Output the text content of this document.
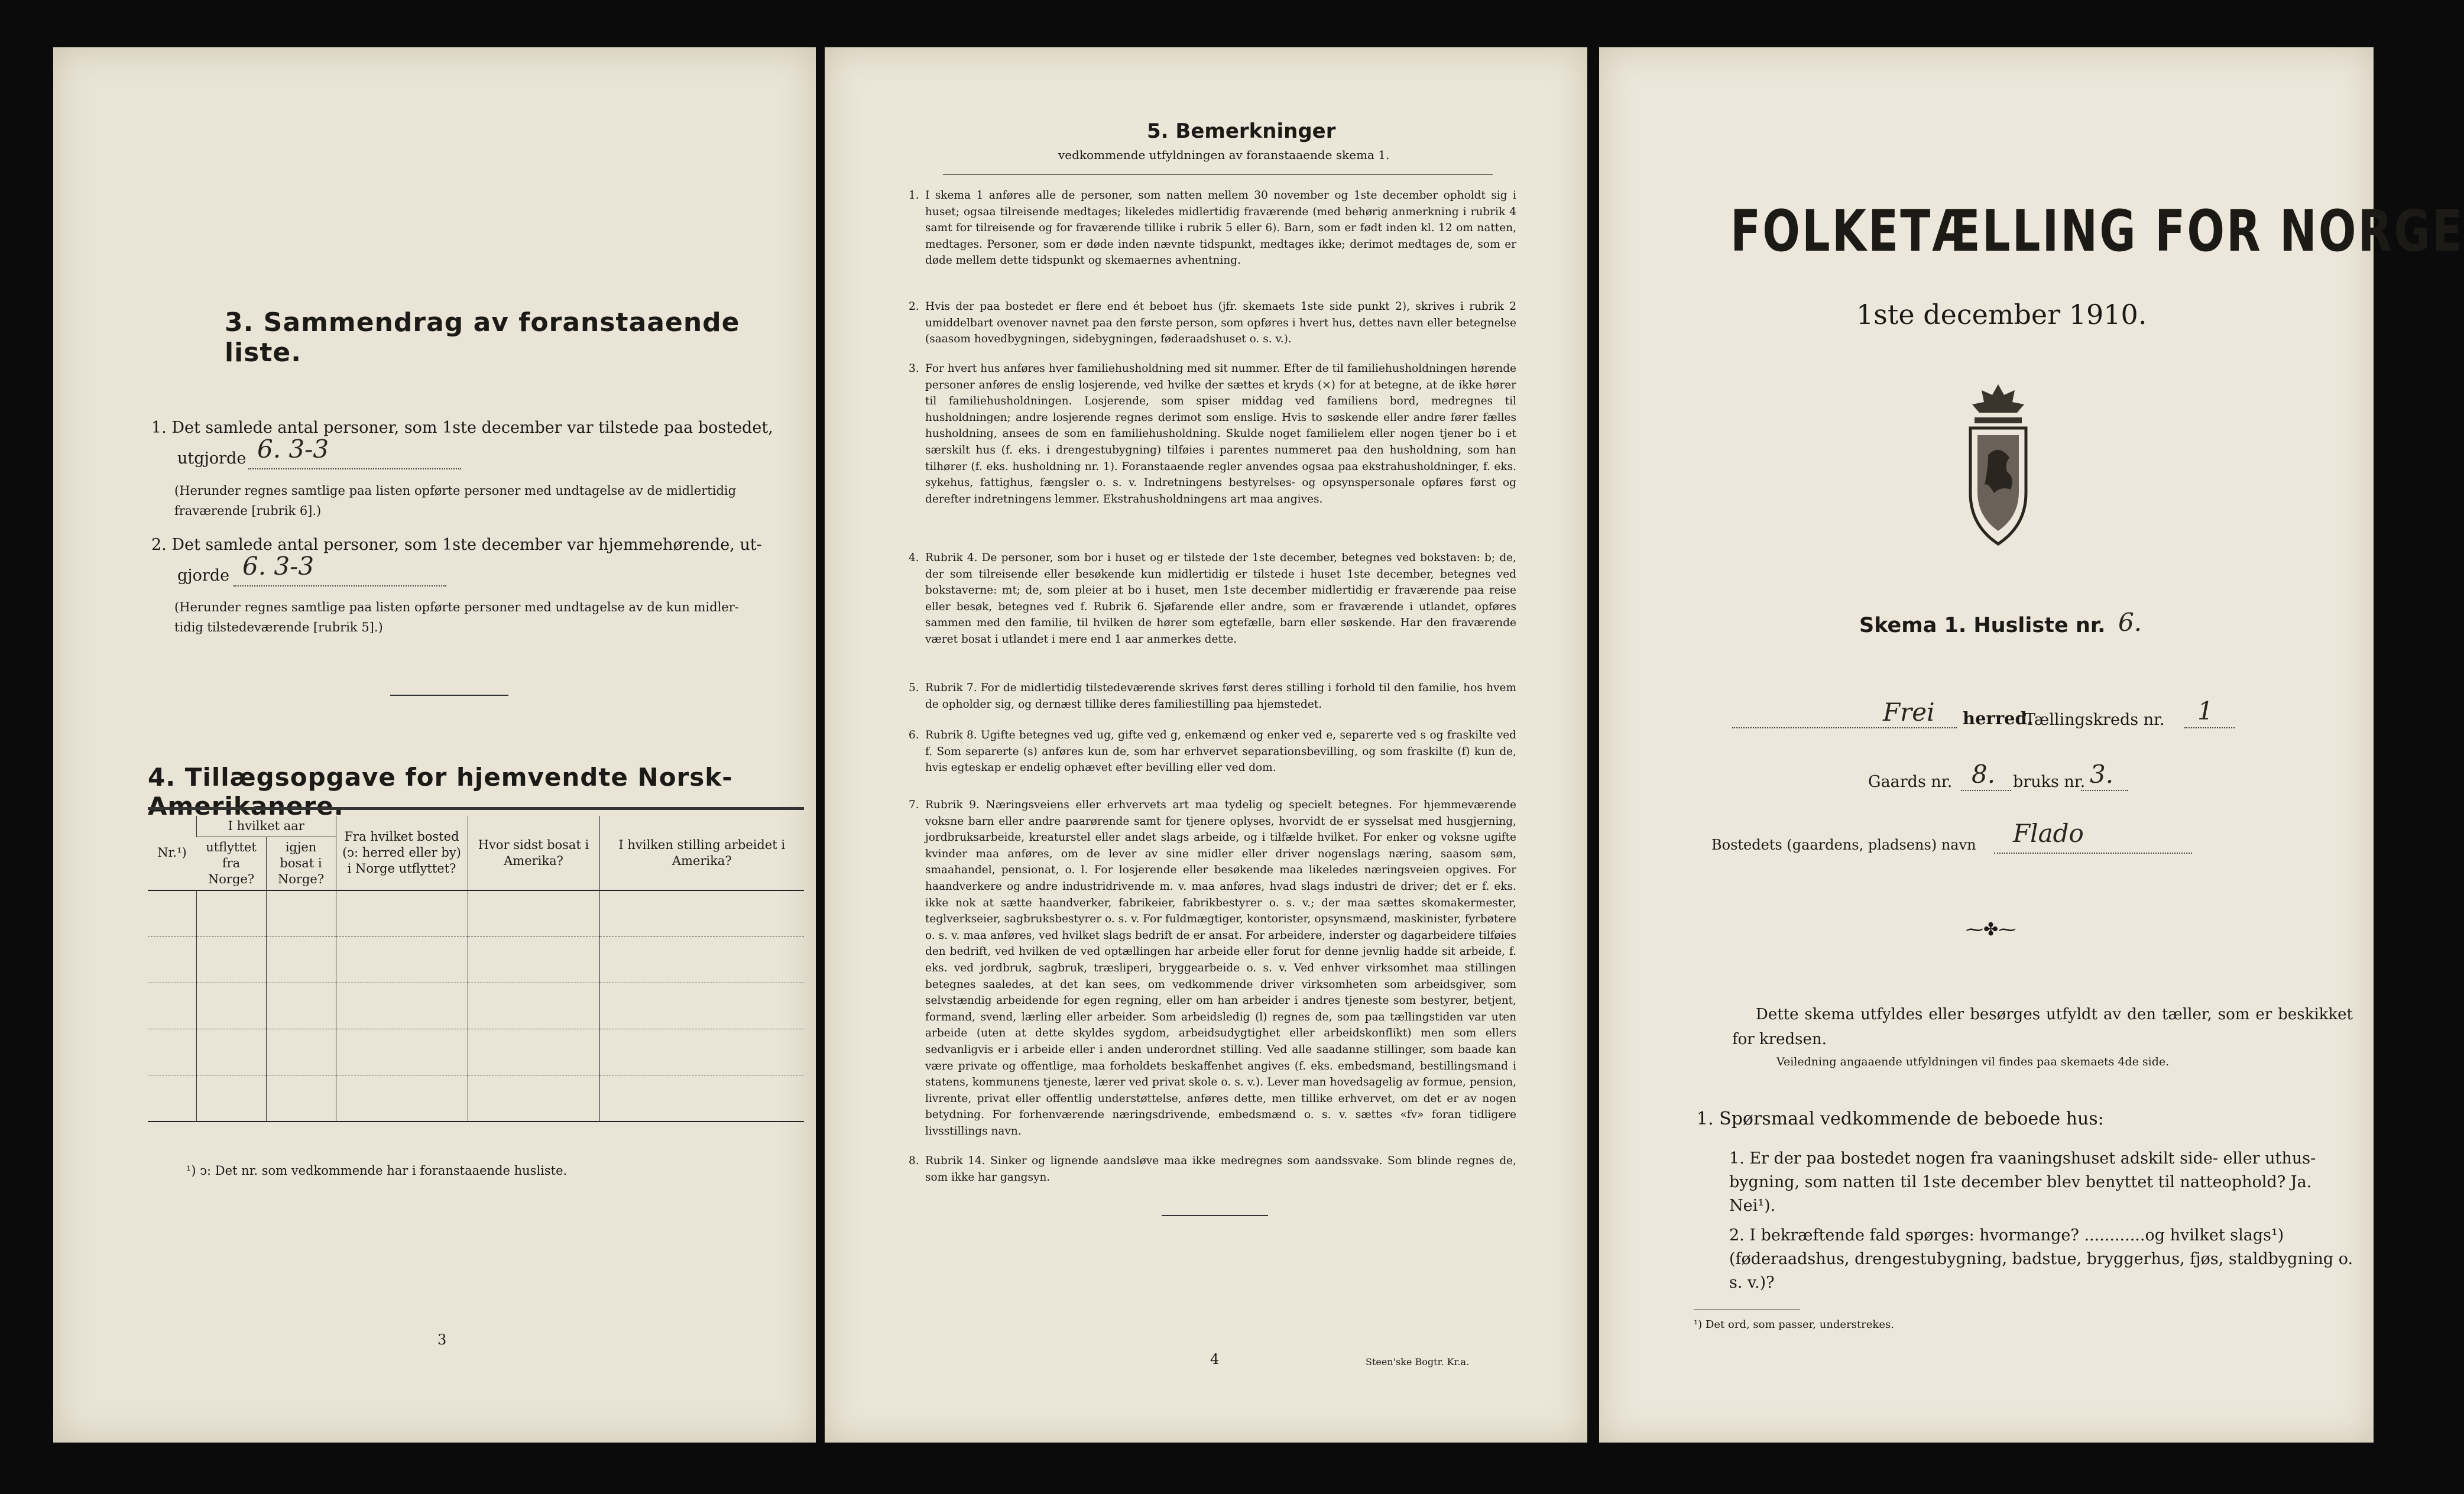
3. Sammendrag av foranstaaende liste.
1. Det samlede antal personer, som 1ste december var tilstede paa bostedet,
utgjorde 6. 3-3
(Herunder regnes samtlige paa listen opførte personer med undtagelse av de midlertidig
fraværende [rubrik 6].)
2. Det samlede antal personer, som 1ste december var hjemmehørende, ut-
gjorde 6. 3-3
(Herunder regnes samtlige paa listen opførte personer med undtagelse av de kun midler-
tidig tilstedeværende [rubrik 5].)
4. Tillægsopgave for hjemvendte Norsk-Amerikanere.
Nr.¹)	I hvilket aar		Fra hvilket bosted (ↄ: herred eller by) i Norge utflyttet?	Hvor sidst bosat i Amerika?	I hvilken stilling arbeidet i Amerika?
	utflyttet fra Norge?	igjen bosat i Norge?			

¹) ↄ: Det nr. som vedkommende har i foranstaaende husliste.
3
5. Bemerkninger
vedkommende utfyldningen av foranstaaende skema 1.
1. I skema 1 anføres alle de personer, som natten mellem 30 november og 1ste december opholdt sig i huset; ogsaa tilreisende medtages; likeledes midlertidig fraværende (med behørig anmerkning i rubrik 4 samt for tilreisende og for fraværende tillike i rubrik 5 eller 6). Barn, som er født inden kl. 12 om natten, medtages. Personer, som er døde inden nævnte tidspunkt, medtages ikke; derimot medtages de, som er døde mellem dette tidspunkt og skemaernes avhentning.
2. Hvis der paa bostedet er flere end ét beboet hus (jfr. skemaets 1ste side punkt 2), skrives i rubrik 2 umiddelbart ovenover navnet paa den første person, som opføres i hvert hus, dettes navn eller betegnelse (saasom hovedbygningen, sidebygningen, føderaadshuset o. s. v.).
3. For hvert hus anføres hver familiehusholdning med sit nummer. Efter de til familiehusholdningen hørende personer anføres de enslig losjerende, ved hvilke der sættes et kryds (×) for at betegne, at de ikke hører til familiehusholdningen. Losjerende, som spiser middag ved familiens bord, medregnes til husholdningen; andre losjerende regnes derimot som enslige. Hvis to søskende eller andre fører fælles husholdning, ansees de som en familiehusholdning. Skulde noget familielem eller nogen tjener bo i et særskilt hus (f. eks. i drengestubygning) tilføies i parentes nummeret paa den husholdning, som han tilhører (f. eks. husholdning nr. 1). Foranstaaende regler anvendes ogsaa paa ekstrahusholdninger, f. eks. sykehus, fattighus, fængsler o. s. v. Indretningens bestyrelses- og opsynspersonale opføres først og derefter indretningens lemmer. Ekstrahusholdningens art maa angives.
4. Rubrik 4. De personer, som bor i huset og er tilstede der 1ste december, betegnes ved bokstaven: b; de, der som tilreisende eller besøkende kun midlertidig er tilstede i huset 1ste december, betegnes ved bokstaverne: mt; de, som pleier at bo i huset, men 1ste december midlertidig er fraværende paa reise eller besøk, betegnes ved f. Rubrik 6. Sjøfarende eller andre, som er fraværende i utlandet, opføres sammen med den familie, til hvilken de hører som egtefælle, barn eller søskende. Har den fraværende været bosat i utlandet i mere end 1 aar anmerkes dette.
5. Rubrik 7. For de midlertidig tilstedeværende skrives først deres stilling i forhold til den familie, hos hvem de opholder sig, og dernæst tillike deres familiestilling paa hjemstedet.
6. Rubrik 8. Ugifte betegnes ved ug, gifte ved g, enkemænd og enker ved e, separerte ved s og fraskilte ved f. Som separerte (s) anføres kun de, som har erhvervet separationsbevilling, og som fraskilte (f) kun de, hvis egteskap er endelig ophævet efter bevilling eller ved dom.
7. Rubrik 9. Næringsveiens eller erhvervets art maa tydelig og specielt betegnes. For hjemmeværende voksne barn eller andre paarørende samt for tjenere oplyses, hvorvidt de er sysselsat med husgjerning, jordbruksarbeide, kreaturstel eller andet slags arbeide, og i tilfælde hvilket. For enker og voksne ugifte kvinder maa anføres, om de lever av sine midler eller driver nogenslags næring, saasom søm, smaahandel, pensionat, o. l. For losjerende eller besøkende maa likeledes næringsveien opgives. For haandverkere og andre industridrivende m. v. maa anføres, hvad slags industri de driver; det er f. eks. ikke nok at sætte haandverker, fabrikeier, fabrikbestyrer o. s. v.; der maa sættes skomakermester, teglverkseier, sagbruksbestyrer o. s. v. For fuldmægtiger, kontorister, opsynsmænd, maskinister, fyrbøtere o. s. v. maa anføres, ved hvilket slags bedrift de er ansat. For arbeidere, inderster og dagarbeidere tilføies den bedrift, ved hvilken de ved optællingen har arbeide eller forut for denne jevnlig hadde sit arbeide, f. eks. ved jordbruk, sagbruk, træsliperi, bryggearbeide o. s. v. Ved enhver virksomhet maa stillingen betegnes saaledes, at det kan sees, om vedkommende driver virksomheten som arbeidsgiver, som selvstændig arbeidende for egen regning, eller om han arbeider i andres tjeneste som bestyrer, betjent, formand, svend, lærling eller arbeider. Som arbeidsledig (l) regnes de, som paa tællingstiden var uten arbeide (uten at dette skyldes sygdom, arbeidsudygtighet eller arbeidskonflikt) men som ellers sedvanligvis er i arbeide eller i anden underordnet stilling. Ved alle saadanne stillinger, som baade kan være private og offentlige, maa forholdets beskaffenhet angives (f. eks. embedsmand, bestillingsmand i statens, kommunens tjeneste, lærer ved privat skole o. s. v.). Lever man hovedsagelig av formue, pension, livrente, privat eller offentlig understøttelse, anføres dette, men tillike erhvervet, om det er av nogen betydning. For forhenværende næringsdrivende, embedsmænd o. s. v. sættes «fv» foran tidligere livsstillings navn.
8. Rubrik 14. Sinker og lignende aandsløve maa ikke medregnes som aandssvake. Som blinde regnes de, som ikke har gangsyn.
4	Steen'ske Bogtr. Kr.a.
FOLKETÆLLING FOR NORGE
1ste december 1910.
Skema 1. Husliste nr. 6.
Frei herred.
Tællingskreds nr. 1
Gaards nr. 8. bruks nr. 3.
Bostedets (gaardens, pladsens) navn Flado
⁓✤⁓
Dette skema utfyldes eller besørges utfyldt av den tæller, som er beskikket for kredsen.
Veiledning angaaende utfyldningen vil findes paa skemaets 4de side.
1. Spørsmaal vedkommende de beboede hus:
1. Er der paa bostedet nogen fra vaaningshuset adskilt side- eller uthus-bygning, som natten til 1ste december blev benyttet til natteophold? Ja. Nei¹).
2. I bekræftende fald spørges: hvormange? ............og hvilket slags¹) (føderaadshus, drengestubygning, badstue, bryggerhus, fjøs, staldbygning o. s. v.)?
¹) Det ord, som passer, understrekes.
